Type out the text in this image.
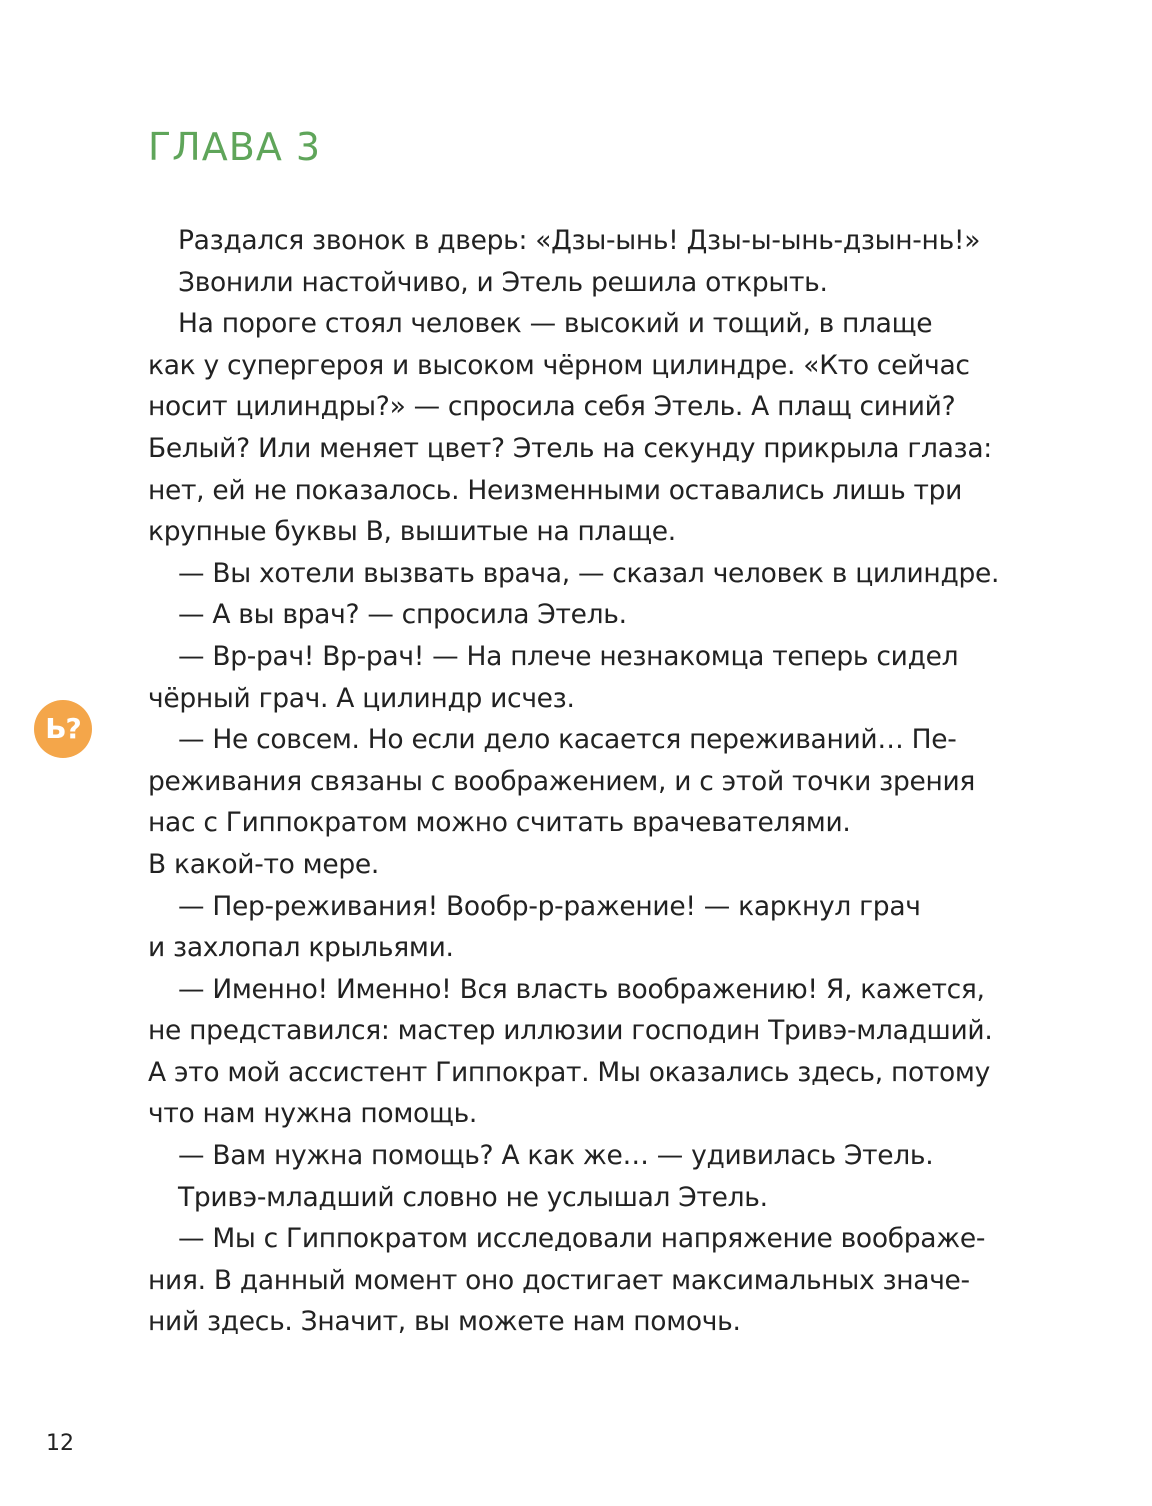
ГЛАВА 3
Раздался звонок в дверь: «Дзы-ынь! Дзы-ы-ынь-дзын-нь!»
Звонили настойчиво, и Этель решила открыть.
На пороге стоял человек — высокий и тощий, в плаще
как у супергероя и высоком чёрном цилиндре. «Кто сейчас
носит цилиндры?» — спросила себя Этель. А плащ синий?
Белый? Или меняет цвет? Этель на секунду прикрыла глаза:
нет, ей не показалось. Неизменными оставались лишь три
крупные буквы В, вышитые на плаще.
— Вы хотели вызвать врача, — сказал человек в цилиндре.
— А вы врач? — спросила Этель.
— Вр-рач! Вр-рач! — На плече незнакомца теперь сидел
чёрный грач. А цилиндр исчез.
— Не совсем. Но если дело касается переживаний… Пе-
реживания связаны с воображением, и с этой точки зрения
нас с Гиппократом можно считать врачевателями.
В какой-то мере.
— Пер-реживания! Вообр-р-ражение! — каркнул грач
и захлопал крыльями.
— Именно! Именно! Вся власть воображению! Я, кажется,
не представился: мастер иллюзии господин Тривэ-младший.
А это мой ассистент Гиппократ. Мы оказались здесь, потому
что нам нужна помощь.
— Вам нужна помощь? А как же… — удивилась Этель.
Тривэ-младший словно не услышал Этель.
— Мы с Гиппократом исследовали напряжение воображе-
ния. В данный момент оно достигает максимальных значе-
ний здесь. Значит, вы можете нам помочь.
Ь?
12
